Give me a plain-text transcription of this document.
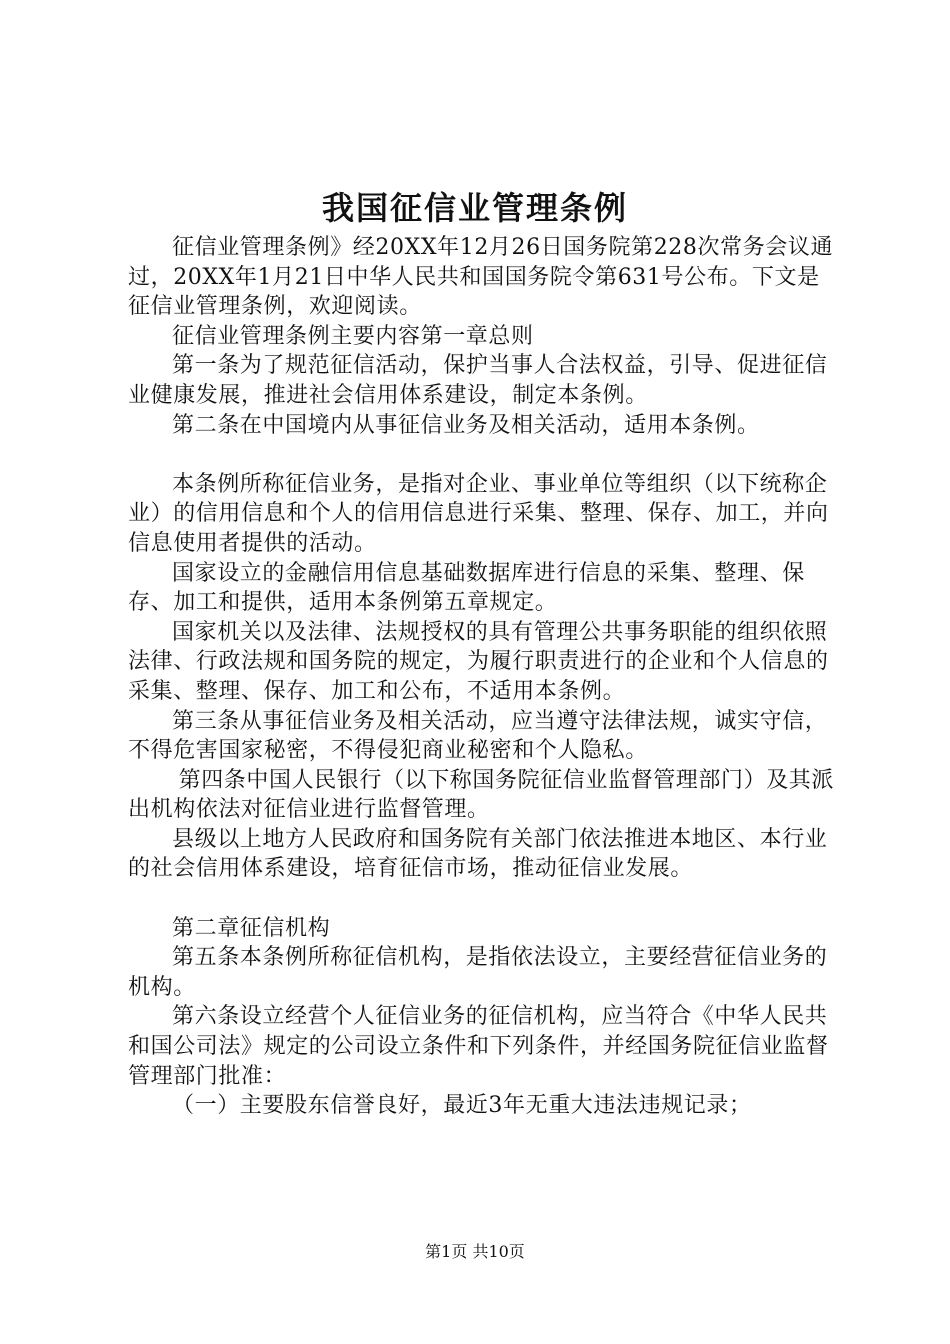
我国征信业管理条例

征信业管理条例》经20XX年12月26日国务院第228次常务会议通过，20XX年1月21日中华人民共和国国务院令第631号公布。下文是征信业管理条例，欢迎阅读。

征信业管理条例主要内容第一章总则

第一条为了规范征信活动，保护当事人合法权益，引导、促进征信业健康发展，推进社会信用体系建设，制定本条例。

第二条在中国境内从事征信业务及相关活动，适用本条例。

本条例所称征信业务，是指对企业、事业单位等组织（以下统称企业）的信用信息和个人的信用信息进行采集、整理、保存、加工，并向信息使用者提供的活动。

国家设立的金融信用信息基础数据库进行信息的采集、整理、保存、加工和提供，适用本条例第五章规定。

国家机关以及法律、法规授权的具有管理公共事务职能的组织依照法律、行政法规和国务院的规定，为履行职责进行的企业和个人信息的采集、整理、保存、加工和公布，不适用本条例。

第三条从事征信业务及相关活动，应当遵守法律法规，诚实守信，不得危害国家秘密，不得侵犯商业秘密和个人隐私。

第四条中国人民银行（以下称国务院征信业监督管理部门）及其派出机构依法对征信业进行监督管理。

县级以上地方人民政府和国务院有关部门依法推进本地区、本行业的社会信用体系建设，培育征信市场，推动征信业发展。

第二章征信机构

第五条本条例所称征信机构，是指依法设立，主要经营征信业务的机构。

第六条设立经营个人征信业务的征信机构，应当符合《中华人民共和国公司法》规定的公司设立条件和下列条件，并经国务院征信业监督管理部门批准：

（一）主要股东信誉良好，最近3年无重大违法违规记录；

第1页 共10页
